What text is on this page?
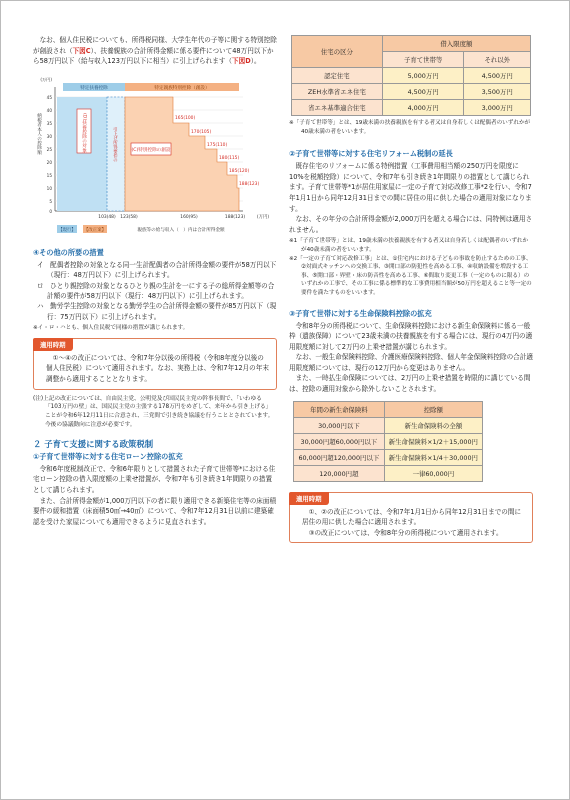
なお、個人住民税についても、所得税同様、大学生年代の子等に関する特別控除が創設され（下図C）、扶養親族の合計所得金額に係る要件について48万円以下から58万円以下（給与収入123万円以下に相当）に引上げられます（下図D）。

特定扶養控除	特定親族特別控除（創設）
(D)扶養控除の対象	引上げ所得要件の	(C)特別控除の創設
(万円)
45
40
35
30
25
20
15
10
5
0
納税者本人の控除額	165(100)
170(105)
175(110)
180(115)
185(120)
188(123)
103(48) 123(58)	160(95)	188(123)	(万円)
【現行】 【改正案】	親族等の給与収入（　）内は合計所得金額
④その他の所要の措置

イ　配偶者控除の対象となる同一生計配偶者の合計所得金額の要件が58万円以下（現行：48万円以下）に引上げられます。

ロ　ひとり親控除の対象となるひとり親の生計を一にする子の総所得金額等の合計額の要件が58万円以下（現行：48万円以下）に引上げられます。

ハ　勤労学生控除の対象となる勤労学生の合計所得金額の要件が85万円以下（現行：75万円以下）に引上げられます。

※イ・ロ・ハとも、個人住民税で同様の措置が講じられます。

適用時期

①～④の改正については、令和7年分以後の所得税（令和8年度分以後の個人住民税）について適用されます。なお、実務上は、令和7年12月の年末調整から適用することとなります。

(注)上記の改正については、自由民主党、公明党及び国民民主党の幹事長間で、「いわゆる「103万円の壁」は、国民民主党の主張する178万円をめざして、来年から引き上げる」ことが令和6年12月11日に合意され、三党間で引き続き協議を行うこととされています。今後の協議動向に注意が必要です。

２ 子育て支援に関する政策税制
①子育て世帯等に対する住宅ローン控除の拡充

令和6年度税制改正で、令和6年限りとして措置された子育て世帯等*における住宅ローン控除の借入限度額の上乗せ措置が、令和7年も引き続き1年間限りの措置として講じられます。

また、合計所得金額が1,000万円以下の者に限り適用できる新築住宅等の床面積要件の緩和措置（床面積50㎡→40㎡）について、令和7年12月31日以前に建築確認を受けた家屋についても適用できるように見直されます。

住宅の区分	借入限度額	
	子育て世帯等	それ以外
認定住宅	5,000万円	4,500万円
ZEH水準省エネ住宅	4,500万円	3,500万円
省エネ基準適合住宅	4,000万円	3,000万円

※「子育て世帯等」とは、19歳未満の扶養親族を有する者又は自身若しくは配偶者のいずれかが40歳未満の者をいいます。

②子育て世帯等に対する住宅リフォーム税制の延長

既存住宅のリフォームに係る特例措置（工事費用相当額の250万円を限度に10%を税額控除）について、令和7年も引き続き1年間限りの措置として講じられます。子育て世帯等*1が居住用家屋に一定の子育て対応改修工事*2を行い、令和7年1月1日から同年12月31日までの間に居住の用に供した場合の適用対象になります。

なお、その年分の合計所得金額が2,000万円を超える場合には、同特例は適用されません。

※1「子育て世帯等」とは、19歳未満の扶養親族を有する者又は自身若しくは配偶者のいずれかが40歳未満の者をいいます。

※2「一定の子育て対応改修工事」とは、①住宅内における子どもの事故を防止するための工事、②対面式キッチンへの交換工事、③開口部の防犯性を高める工事、④収納設備を増設する工事、⑤開口部・界壁・床の防音性を高める工事、⑥間取り変更工事（一定のものに限る）のいずれかの工事で、その工事に係る標準的な工事費用相当額が50万円を超えること等一定の要件を満たすものをいいます。

③子育て世帯に対する生命保険料控除の拡充

令和8年分の所得税について、生命保険料控除における新生命保険料に係る一般枠（遺族保障）について23歳未満の扶養親族を有する場合には、現行の4万円の適用限度額に対して2万円の上乗せ措置が講じられます。

なお、一般生命保険料控除、介護医療保険料控除、個人年金保険料控除の合計適用限度額については、現行の12万円から変更はありません。

また、一時払生命保険については、2万円の上乗せ措置を時限的に講じている間は、控除の適用対象から除外しないことされます。

年間の新生命保険料	控除額
30,000円以下	新生命保険料の全額
30,000円超60,000円以下	新生命保険料×1/2＋15,000円
60,000円超120,000円以下	新生命保険料×1/4＋30,000円
120,000円超	一律60,000円
適用時期

①、②の改正については、令和7年1月1日から同年12月31日までの間に居住の用に供した場合に適用されます。

③の改正については、令和8年分の所得税について適用されます。
